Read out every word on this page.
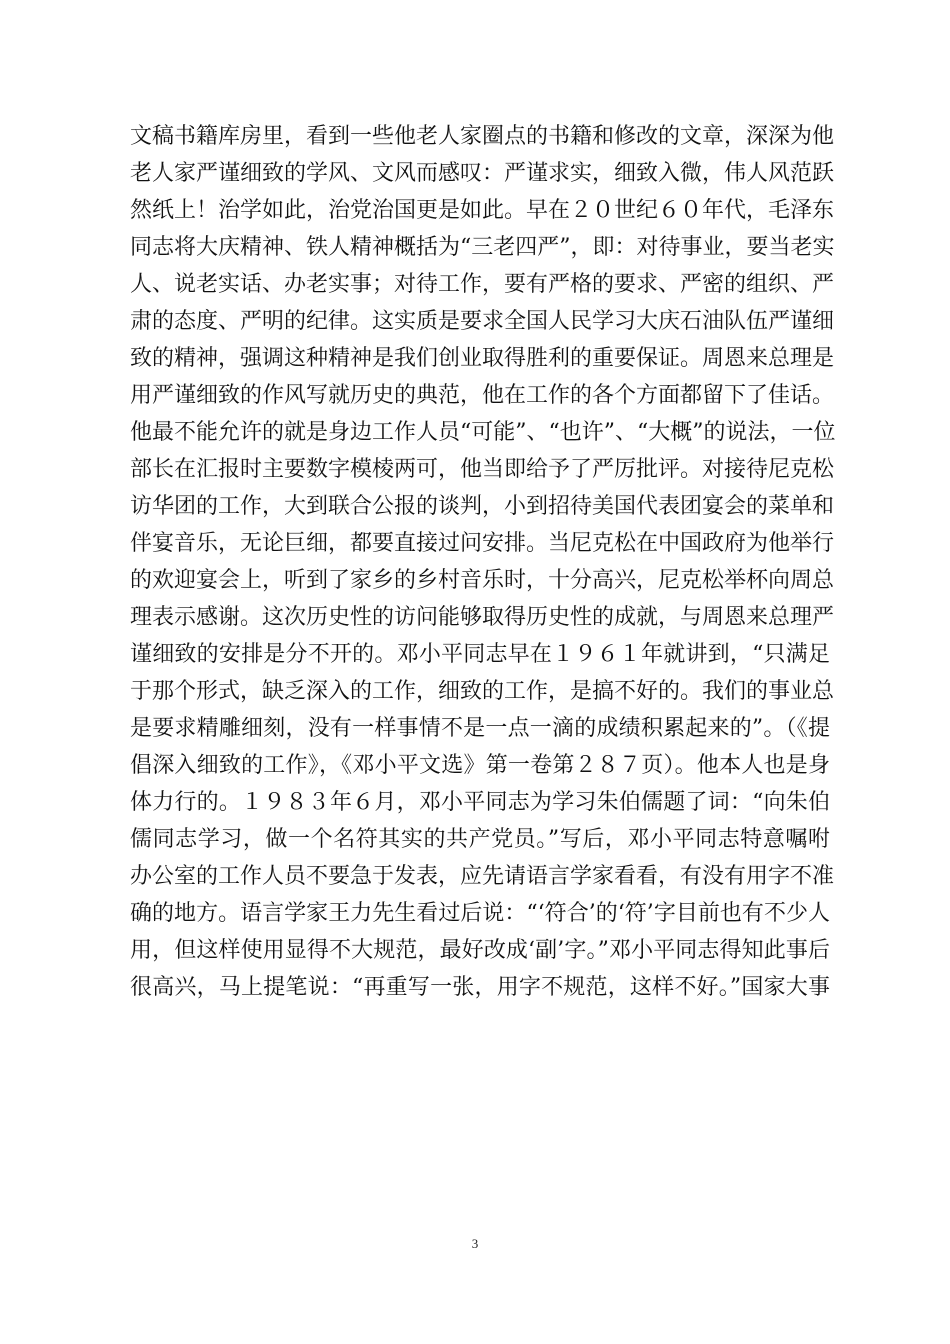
文稿书籍库房里，看到一些他老人家圈点的书籍和修改的文章，深深为他
老人家严谨细致的学风、文风而感叹：严谨求实，细致入微，伟人风范跃
然纸上！治学如此，治党治国更是如此。早在２０世纪６０年代，毛泽东
同志将大庆精神、铁人精神概括为“三老四严”，即：对待事业，要当老实
人、说老实话、办老实事；对待工作，要有严格的要求、严密的组织、严
肃的态度、严明的纪律。这实质是要求全国人民学习大庆石油队伍严谨细
致的精神，强调这种精神是我们创业取得胜利的重要保证。周恩来总理是
用严谨细致的作风写就历史的典范，他在工作的各个方面都留下了佳话。
他最不能允许的就是身边工作人员“可能”、“也许”、“大概”的说法，一位
部长在汇报时主要数字模棱两可，他当即给予了严厉批评。对接待尼克松
访华团的工作，大到联合公报的谈判，小到招待美国代表团宴会的菜单和
伴宴音乐，无论巨细，都要直接过问安排。当尼克松在中国政府为他举行
的欢迎宴会上，听到了家乡的乡村音乐时，十分高兴，尼克松举杯向周总
理表示感谢。这次历史性的访问能够取得历史性的成就，与周恩来总理严
谨细致的安排是分不开的。邓小平同志早在１９６１年就讲到，“只满足
于那个形式，缺乏深入的工作，细致的工作，是搞不好的。我们的事业总
是要求精雕细刻，没有一样事情不是一点一滴的成绩积累起来的”。（《提
倡深入细致的工作》，《邓小平文选》第一卷第２８７页）。他本人也是身
体力行的。１９８３年６月，邓小平同志为学习朱伯儒题了词：“向朱伯
儒同志学习，做一个名符其实的共产党员。”写后，邓小平同志特意嘱咐
办公室的工作人员不要急于发表，应先请语言学家看看，有没有用字不准
确的地方。语言学家王力先生看过后说：“‘符合’的‘符’字目前也有不少人
用，但这样使用显得不大规范，最好改成‘副’字。”邓小平同志得知此事后
很高兴，马上提笔说：“再重写一张，用字不规范，这样不好。”国家大事
3
